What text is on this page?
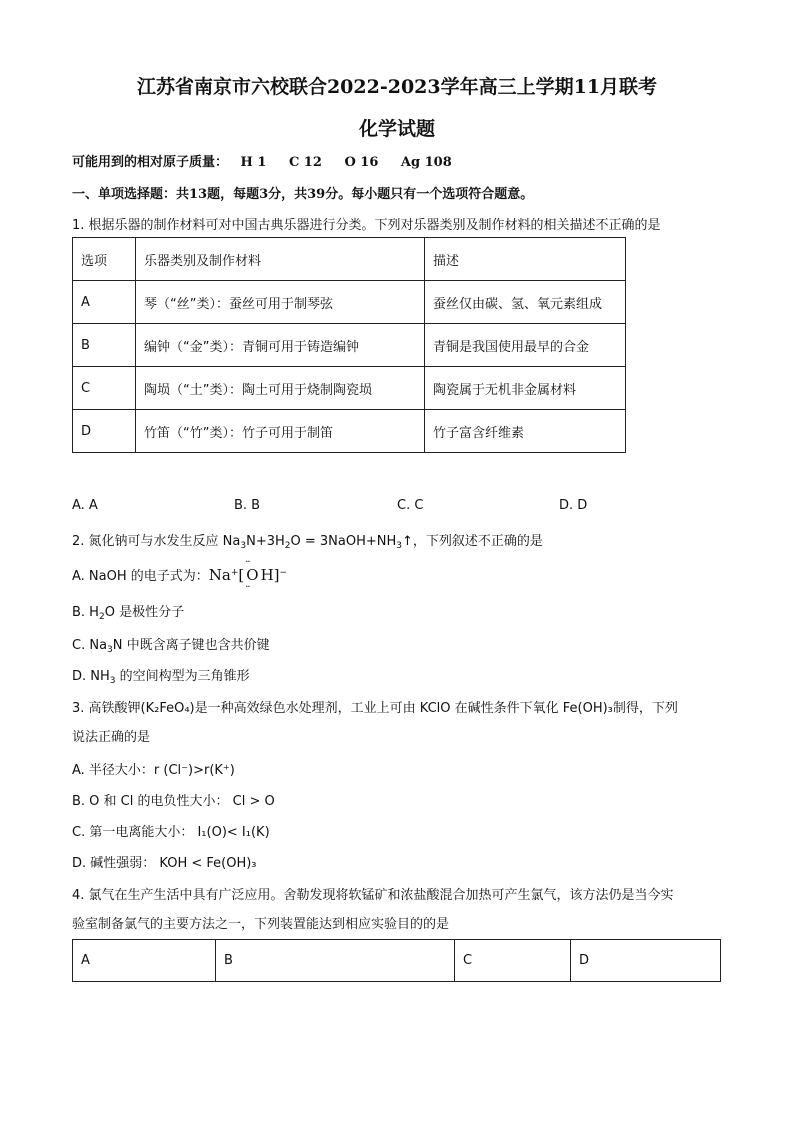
江苏省南京市六校联合2022-2023学年高三上学期11月联考
化学试题
可能用到的相对原子质量： H 1 C 12 O 16 Ag 108
一、单项选择题：共13题，每题3分，共39分。每小题只有一个选项符合题意。
1. 根据乐器的制作材料可对中国古典乐器进行分类。下列对乐器类别及制作材料的相关描述不正确的是
选项	乐器类别及制作材料	描述
A	琴（“丝”类）：蚕丝可用于制琴弦	蚕丝仅由碳、氢、氧元素组成
B	编钟（“金”类）：青铜可用于铸造编钟	青铜是我国使用最早的合金
C	陶埙（“土”类）：陶土可用于烧制陶瓷埙	陶瓷属于无机非金属材料
D	竹笛（“竹”类）：竹子可用于制笛	竹子富含纤维素
A. A	B. B	C. C	D. D
2. 氮化钠可与水发生反应 $Na_3N+3H_2O$ = $3NaOH+NH_3↑$，下列叙述不正确的是
A. NaOH 的电子式为：Na+[ ·· O ·· H]−
B. $H_2O$ 是极性分子
C. $Na_3N$ 中既含离子键也含共价键
D. $NH_3$ 的空间构型为三角锥形
3. 高铁酸钾(K₂FeO₄)是一种高效绿色水处理剂，工业上可由 KClO 在碱性条件下氧化 Fe(OH)₃制得，下列
说法正确的是
A. 半径大小：r (Cl⁻)>r(K⁺)
B. O 和 Cl 的电负性大小： Cl > O
C. 第一电离能大小： I₁(O)< I₁(K)
D. 碱性强弱： KOH < Fe(OH)₃
4. 氯气在生产生活中具有广泛应用。舍勒发现将软锰矿和浓盐酸混合加热可产生氯气，该方法仍是当今实
验室制备氯气的主要方法之一，下列装置能达到相应实验目的的是
A	B	C	D
